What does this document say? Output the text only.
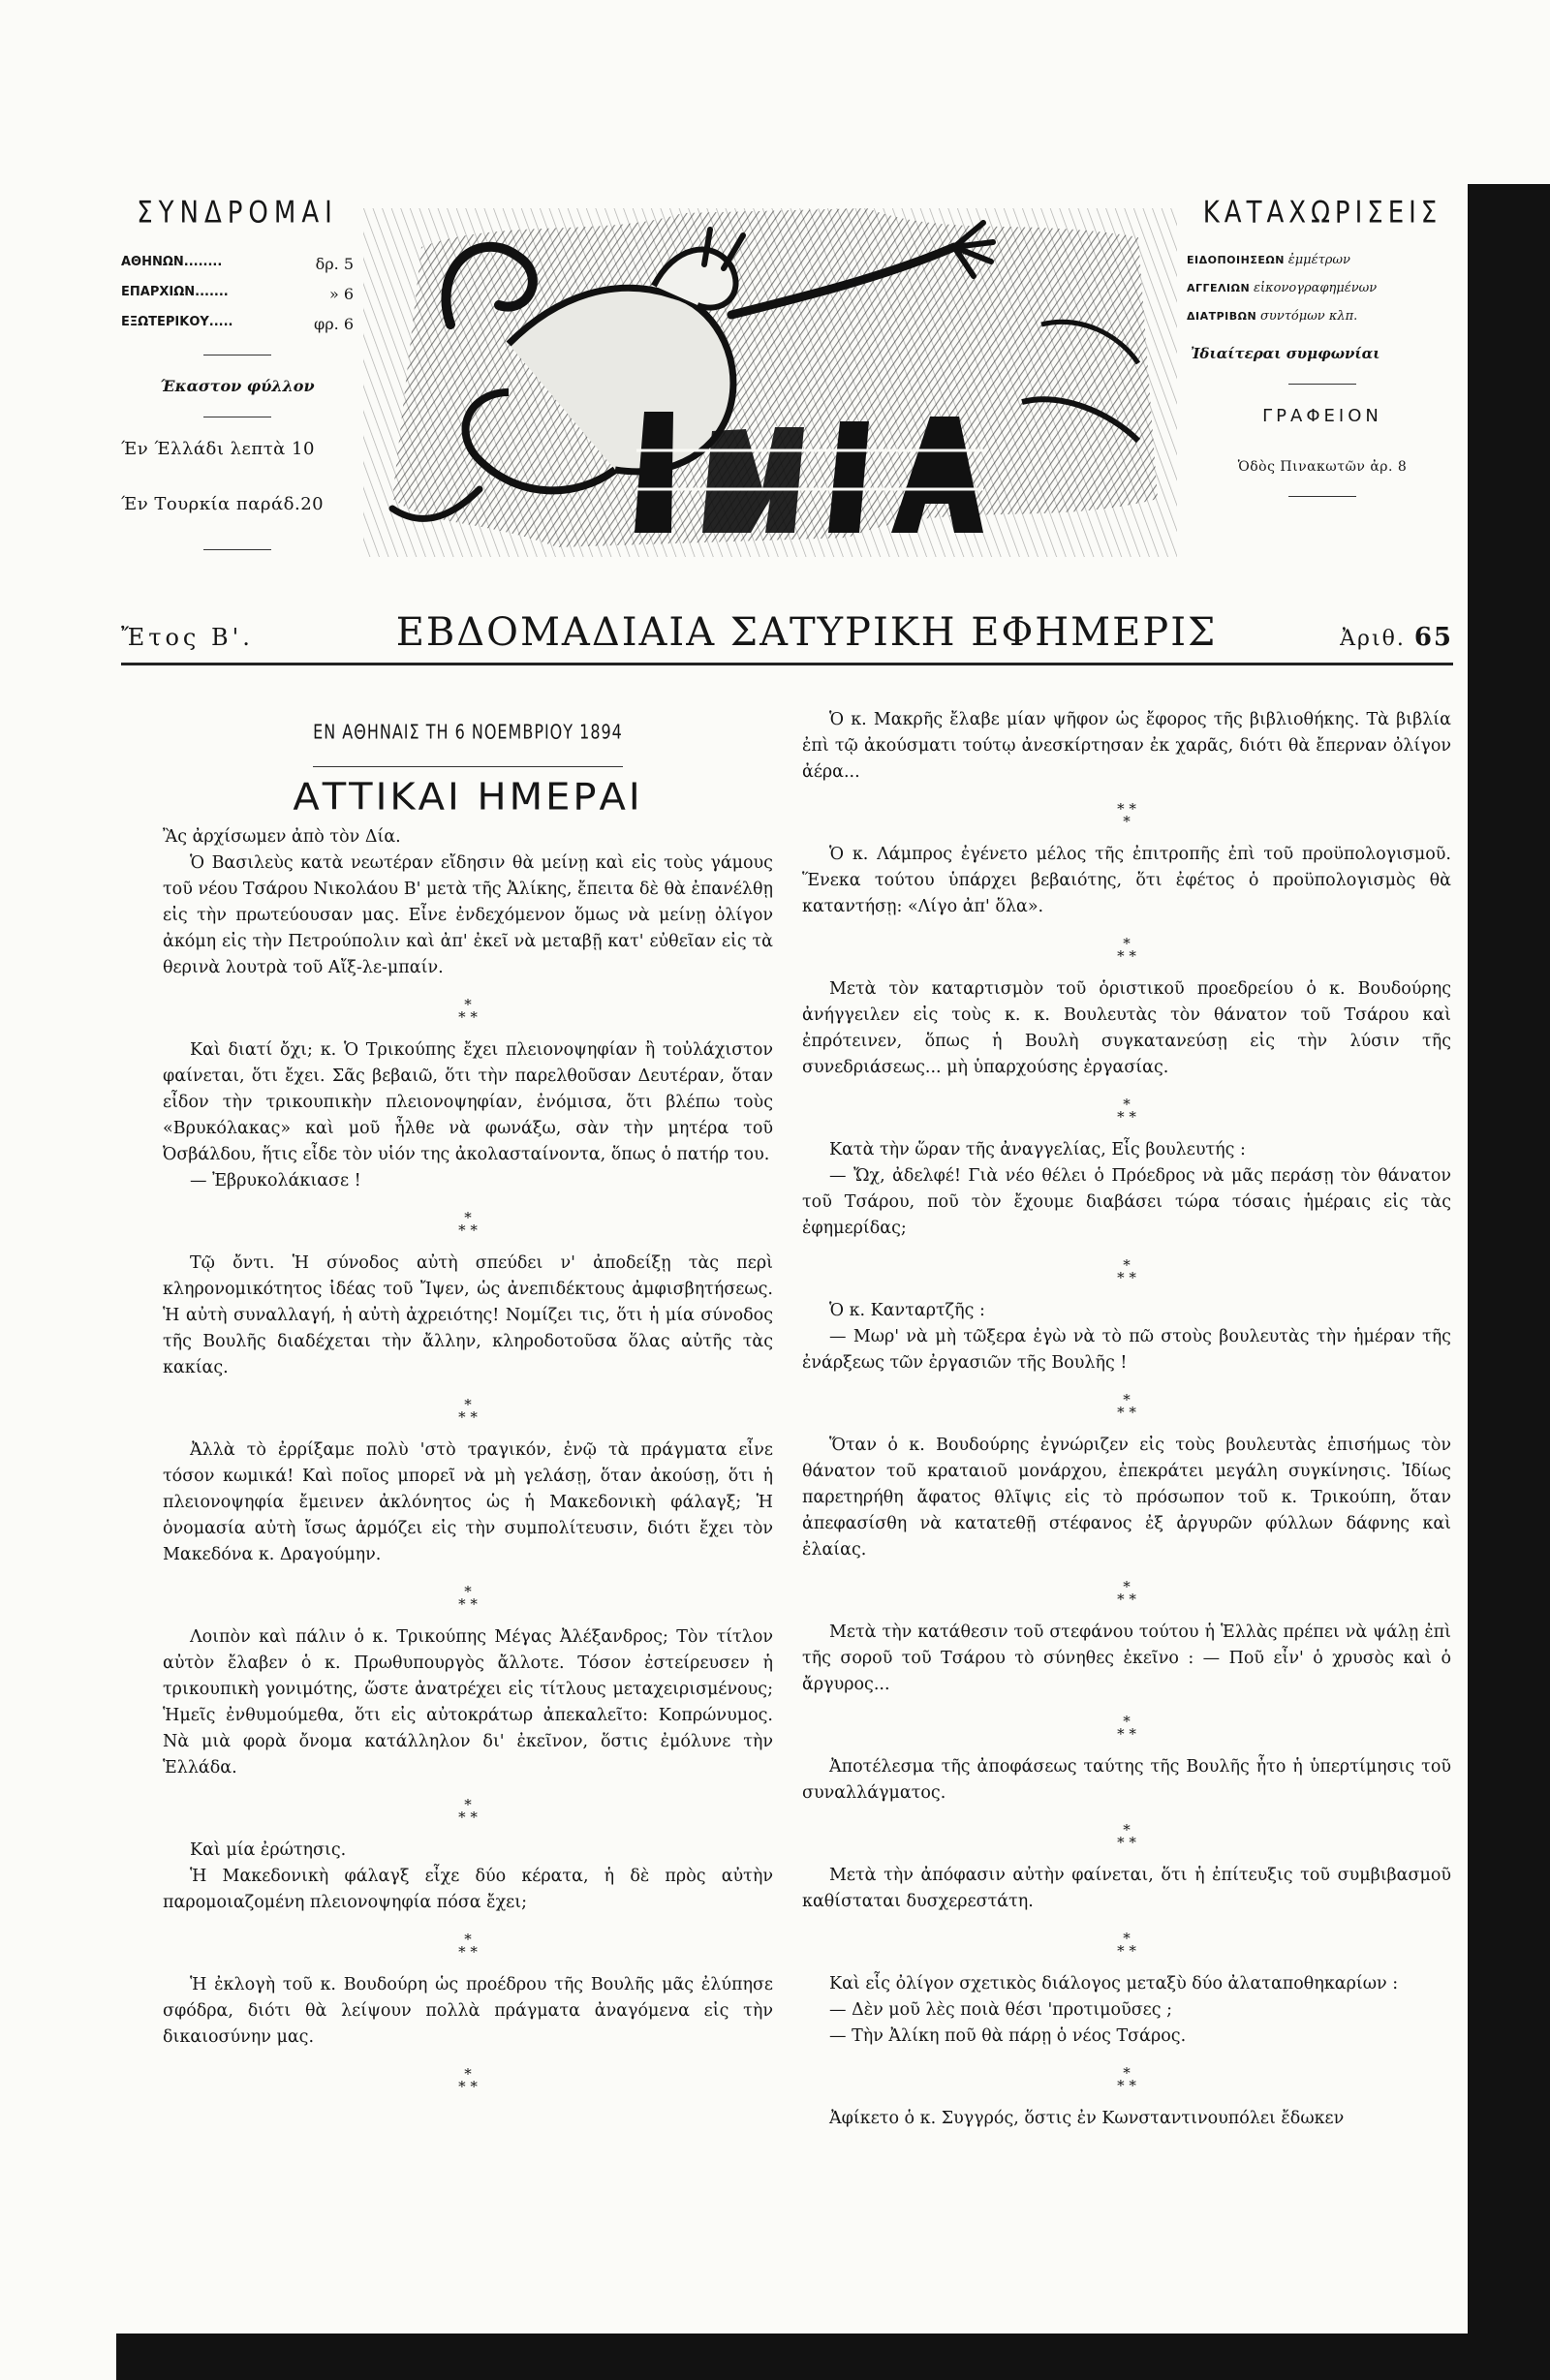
ΣΥΝΔΡΟΜΑΙ
ΑΘΗΝΩΝ........	δρ. 5
ΕΠΑΡΧΙΩΝ.......	» 6
ΕΞΩΤΕΡΙΚΟΥ.....	φρ. 6
Έκαστον φύλλον
Έν Έλλάδι λεπτὰ 10
Έν Τουρκία παράδ.20
ΚΑΤΑΧΩΡΙΣΕΙΣ
ΕΙΔΟΠΟΙΗΣΕΩΝ ἐμμέτρων
ΑΓΓΕΛΙΩΝ εἰκονογραφημένων
ΔΙΑΤΡΙΒΩΝ συντόμων κλπ.
Ἰδιαίτεραι συμφωνίαι
ΓΡΑΦΕΙΟΝ
Ὁδὸς Πινακωτῶν ἀρ. 8
Ἔτος Β'.	ΕΒΔΟΜΑΔΙΑΙΑ ΣΑΤΥΡΙΚΗ ΕΦΗΜΕΡΙΣ	Ἀριθ. 65
ΕΝ ΑΘΗΝΑΙΣ ΤΗ 6 ΝΟΕΜΒΡΙΟΥ 1894
ΑΤΤΙΚΑΙ ΗΜΕΡΑΙ

Ἂς ἀρχίσωμεν ἀπὸ τὸν Δία.

Ὁ Βασιλεὺς κατὰ νεωτέραν εἴδησιν θὰ μείνῃ καὶ εἰς τοὺς γάμους τοῦ νέου Τσάρου Νικολάου Β' μετὰ τῆς Ἀλίκης, ἔπειτα δὲ θὰ ἐπανέλθῃ εἰς τὴν πρωτεύουσαν μας. Εἶνε ἐνδεχόμενον ὅμως νὰ μείνῃ ὀλίγον ἀκόμη εἰς τὴν Πετρούπολιν καὶ ἀπ' ἐκεῖ νὰ μεταβῇ κατ' εὐθεῖαν εἰς τὰ θερινὰ λουτρὰ τοῦ Αἴξ-λε-μπαίν.

*
* *

Καὶ διατί ὄχι; κ. Ὁ Τρικούπης ἔχει πλειονοψηφίαν ἢ τοὐλάχιστον φαίνεται, ὅτι ἔχει. Σᾶς βεβαιῶ, ὅτι τὴν παρελθοῦσαν Δευτέραν, ὅταν εἶδον τὴν τρικουπικὴν πλειονοψηφίαν, ἐνόμισα, ὅτι βλέπω τοὺς «Βρυκόλακας» καὶ μοῦ ἦλθε νὰ φωνάξω, σὰν τὴν μητέρα τοῦ Ὀσβάλδου, ἥτις εἶδε τὸν υἱόν της ἀκολασταίνοντα, ὅπως ὁ πατήρ του.

— Ἐβρυκολάκιασε !

*
* *

Τῷ ὄντι. Ἡ σύνοδος αὐτὴ σπεύδει ν' ἀποδείξῃ τὰς περὶ κληρονομικότητος ἰδέας τοῦ Ἴψεν, ὡς ἀνεπιδέκτους ἀμφισβητήσεως. Ἡ αὐτὴ συναλλαγή, ἡ αὐτὴ ἀχρειότης! Νομίζει τις, ὅτι ἡ μία σύνοδος τῆς Βουλῆς διαδέχεται τὴν ἄλλην, κληροδοτοῦσα ὅλας αὐτῆς τὰς κακίας.

*
* *

Ἀλλὰ τὸ ἐρρίξαμε πολὺ 'στὸ τραγικόν, ἐνῷ τὰ πράγματα εἶνε τόσον κωμικά! Καὶ ποῖος μπορεῖ νὰ μὴ γελάσῃ, ὅταν ἀκούσῃ, ὅτι ἡ πλειονοψηφία ἔμεινεν ἀκλόνητος ὡς ἡ Μακεδονικὴ φάλαγξ; Ἡ ὁνομασία αὐτὴ ἴσως ἁρμόζει εἰς τὴν συμπολίτευσιν, διότι ἔχει τὸν Μακεδόνα κ. Δραγούμην.

*
* *

Λοιπὸν καὶ πάλιν ὁ κ. Τρικούπης Μέγας Ἀλέξανδρος; Τὸν τίτλον αὐτὸν ἔλαβεν ὁ κ. Πρωθυπουργὸς ἄλλοτε. Τόσον ἐστείρευσεν ἡ τρικουπικὴ γονιμότης, ὥστε ἀνατρέχει εἰς τίτλους μεταχειρισμένους; Ἡμεῖς ἐνθυμούμεθα, ὅτι εἰς αὐτοκράτωρ ἀπεκαλεῖτο: Κοπρώνυμος. Νὰ μιὰ φορὰ ὄνομα κατάλληλον δι' ἐκεῖνον, ὅστις ἐμόλυνε τὴν Ἑλλάδα.

*
* *

Καὶ μία ἐρώτησις.

Ἡ Μακεδονικὴ φάλαγξ εἶχε δύο κέρατα, ἡ δὲ πρὸς αὐτὴν παρομοιαζομένη πλειονοψηφία πόσα ἔχει;

*
* *

Ἡ ἐκλογὴ τοῦ κ. Βουδούρη ὡς προέδρου τῆς Βουλῆς μᾶς ἐλύπησε σφόδρα, διότι θὰ λείψουν πολλὰ πράγματα ἀναγόμενα εἰς τὴν δικαιοσύνην μας.

*
* *

Ὁ κ. Μακρῆς ἔλαβε μίαν ψῆφον ὡς ἔφορος τῆς βιβλιοθήκης. Τὰ βιβλία ἐπὶ τῷ ἀκούσματι τούτῳ ἀνεσκίρτησαν ἐκ χαρᾶς, διότι θὰ ἔπερναν ὀλίγον ἀέρα...

* *
*

Ὁ κ. Λάμπρος ἐγένετο μέλος τῆς ἐπιτροπῆς ἐπὶ τοῦ προϋπολογισμοῦ. Ἕνεκα τούτου ὑπάρχει βεβαιότης, ὅτι ἐφέτος ὁ προϋπολογισμὸς θὰ καταντήσῃ: «Λίγο ἀπ' ὅλα».

*
* *

Μετὰ τὸν καταρτισμὸν τοῦ ὁριστικοῦ προεδρείου ὁ κ. Βουδούρης ἀνήγγειλεν εἰς τοὺς κ. κ. Βουλευτὰς τὸν θάνατον τοῦ Τσάρου καὶ ἐπρότεινεν, ὅπως ἡ Βουλὴ συγκατανεύσῃ εἰς τὴν λύσιν τῆς συνεδριάσεως... μὴ ὑπαρχούσης ἐργασίας.

*
* *

Κατὰ τὴν ὥραν τῆς ἀναγγελίας, Εἷς βουλευτής :

— Ὤχ, ἀδελφέ! Γιὰ νέο θέλει ὁ Πρόεδρος νὰ μᾶς περάσῃ τὸν θάνατον τοῦ Τσάρου, ποῦ τὸν ἔχουμε διαβάσει τώρα τόσαις ἡμέραις εἰς τὰς ἐφημερίδας;

*
* *

Ὁ κ. Κανταρτζῆς :

— Μωρ' νὰ μὴ τῶξερα ἐγὼ νὰ τὸ πῶ στοὺς βουλευτὰς τὴν ἡμέραν τῆς ἐνάρξεως τῶν ἐργασιῶν τῆς Βουλῆς !

*
* *

Ὅταν ὁ κ. Βουδούρης ἐγνώριζεν εἰς τοὺς βουλευτὰς ἐπισήμως τὸν θάνατον τοῦ κραταιοῦ μονάρχου, ἐπεκράτει μεγάλη συγκίνησις. Ἰδίως παρετηρήθη ἄφατος θλῖψις εἰς τὸ πρόσωπον τοῦ κ. Τρικούπη, ὅταν ἀπεφασίσθη νὰ κατατεθῇ στέφανος ἐξ ἀργυρῶν φύλλων δάφνης καὶ ἐλαίας.

*
* *

Μετὰ τὴν κατάθεσιν τοῦ στεφάνου τούτου ἡ Ἑλλὰς πρέπει νὰ ψάλῃ ἐπὶ τῆς σοροῦ τοῦ Τσάρου τὸ σύνηθες ἐκεῖνο : — Ποῦ εἶν' ὁ χρυσὸς καὶ ὁ ἄργυρος...

*
* *

Ἀποτέλεσμα τῆς ἀποφάσεως ταύτης τῆς Βουλῆς ἦτο ἡ ὑπερτίμησις τοῦ συναλλάγματος.

*
* *

Μετὰ τὴν ἀπόφασιν αὐτὴν φαίνεται, ὅτι ἡ ἐπίτευξις τοῦ συμβιβασμοῦ καθίσταται δυσχερεστάτη.

*
* *

Καὶ εἷς ὀλίγον σχετικὸς διάλογος μεταξὺ δύο ἀλαταποθηκαρίων :

— Δὲν μοῦ λὲς ποιὰ θέσι 'προτιμοῦσες ;

— Τὴν Ἀλίκη ποῦ θὰ πάρῃ ὁ νέος Τσάρος.

*
* *

Ἀφίκετο ὁ κ. Συγγρός, ὅστις ἐν Κωνσταντινουπόλει ἔδωκεν
